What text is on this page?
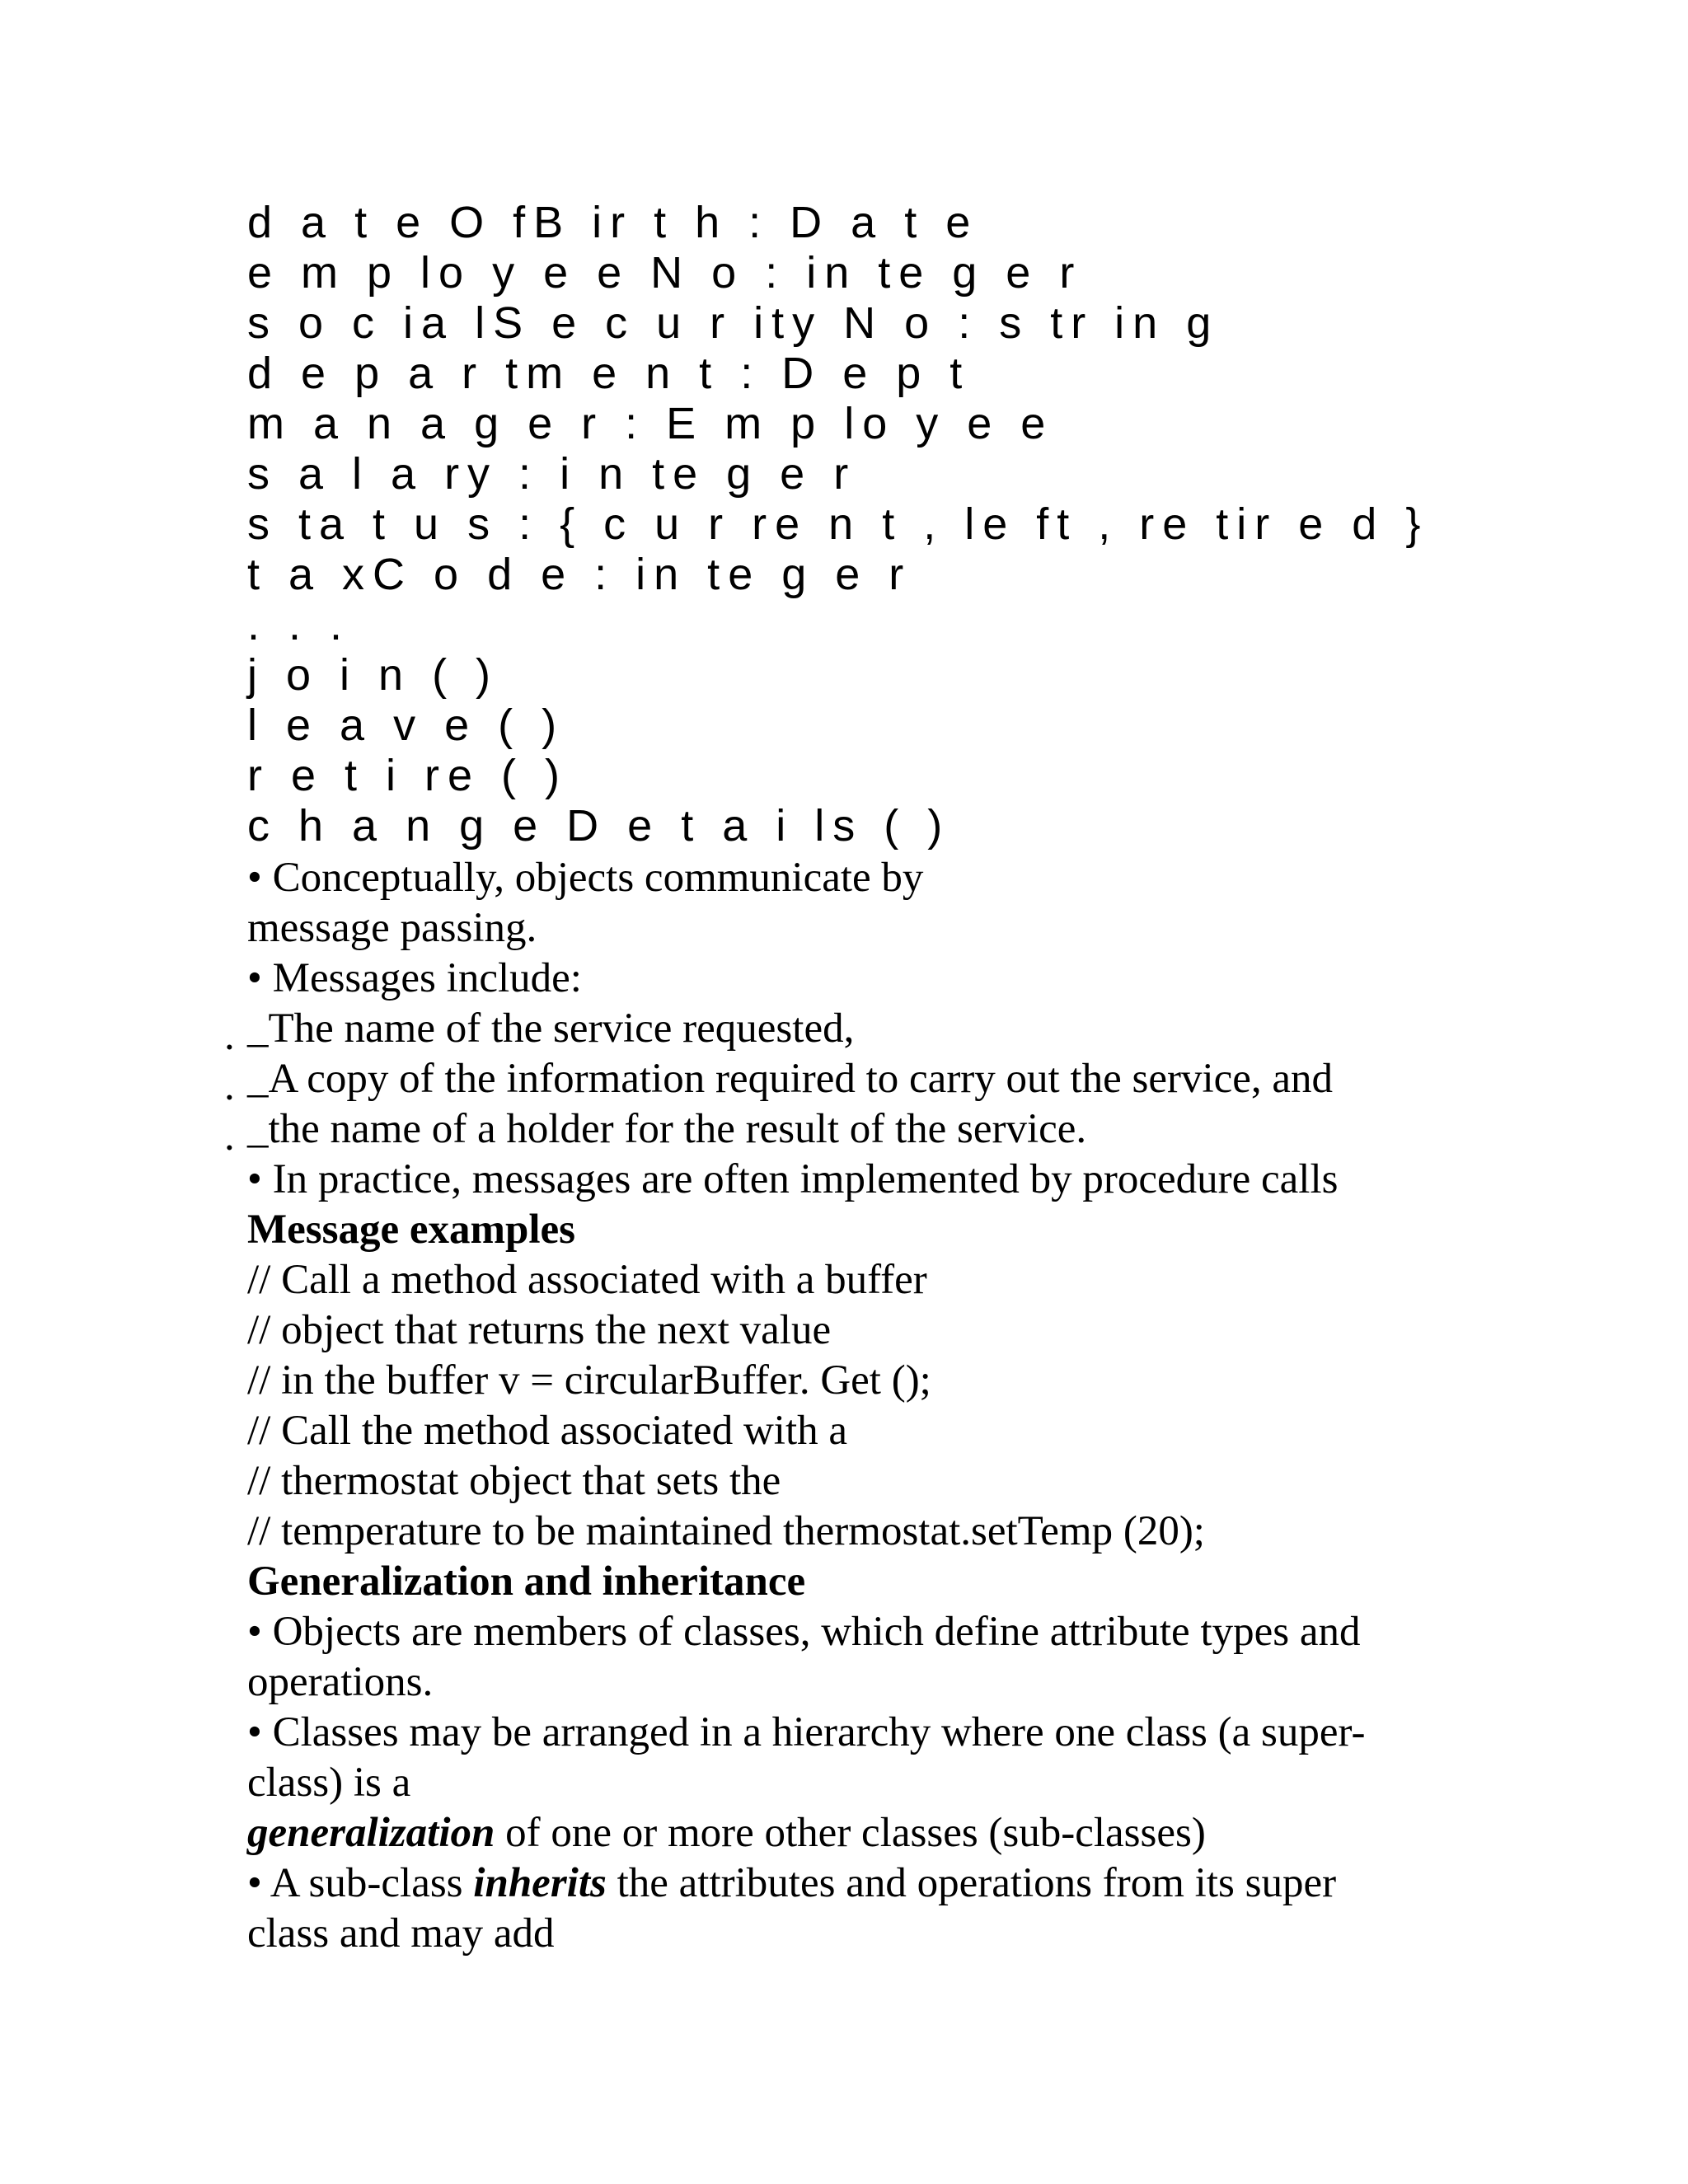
d a t e O fB ir t h : D a t e
e m p lo y e e N o : in te g e r
s o c ia lS e c u r ity N o : s tr in g
d e p a r tm e n t : D e p t
m a n a g e r : E m p lo y e e
s a l a ry : i n te g e r
s ta t u s : { c u r re n t , le ft , re tir e d }
t a xC o d e : in te g e r
. . .
j o i n ( )
l e a v e ( )
r e t i re ( )
c h a n g e D e t a i ls ( )
• Conceptually, objects communicate by
message passing.
• Messages include:
. _The name of the service requested,
. _A copy of the information required to carry out the service, and
. _the name of a holder for the result of the service.
• In practice, messages are often implemented by procedure calls
Message examples
// Call a method associated with a buffer
// object that returns the next value
// in the buffer v = circularBuffer. Get ();
// Call the method associated with a
// thermostat object that sets the
// temperature to be maintained thermostat.setTemp (20);
Generalization and inheritance
• Objects are members of classes, which define attribute types and
operations.
• Classes may be arranged in a hierarchy where one class (a super-
class) is a
generalization of one or more other classes (sub-classes)
• A sub-class inherits the attributes and operations from its super
class and may add
